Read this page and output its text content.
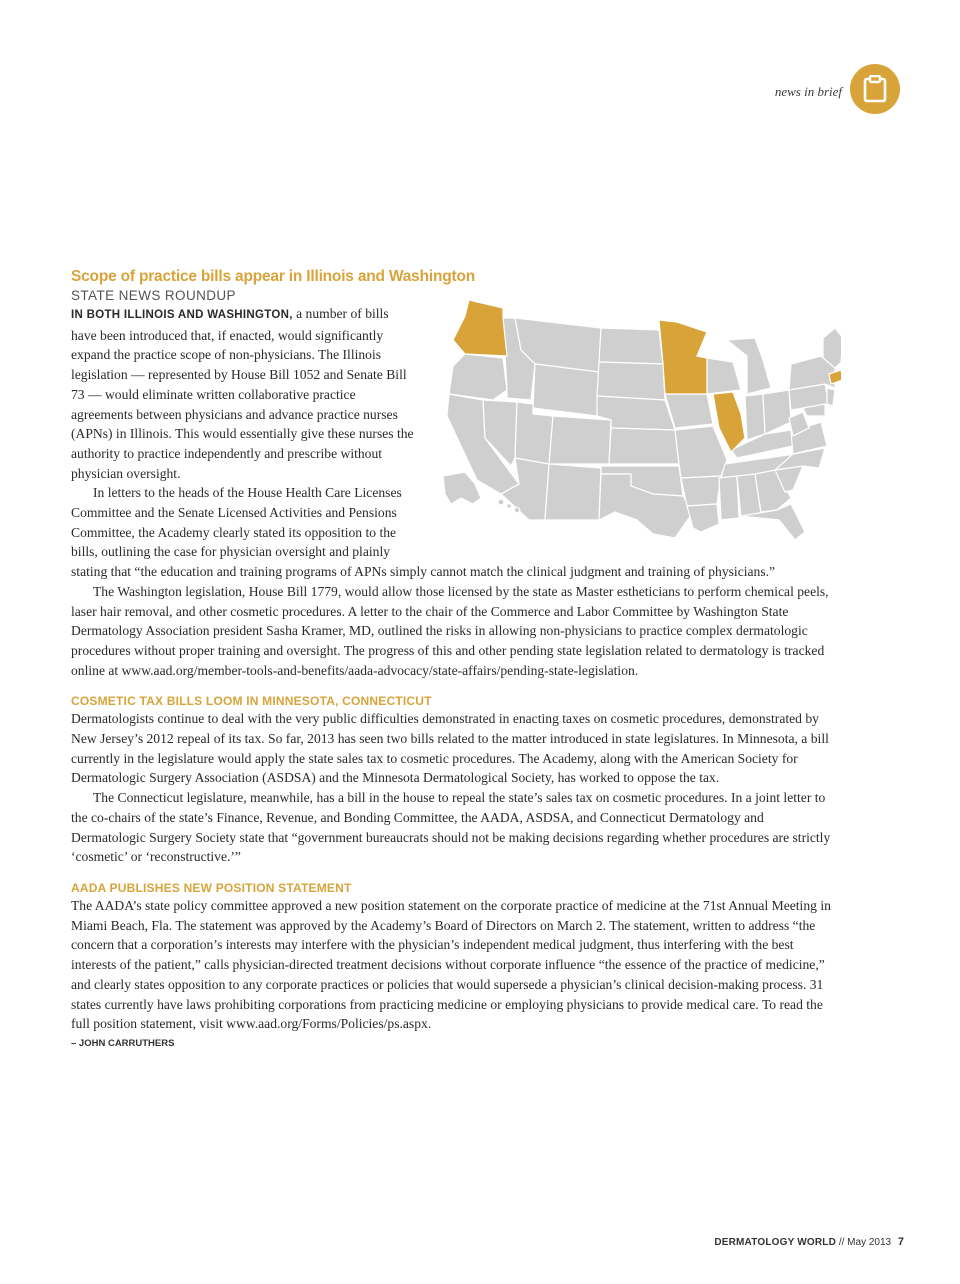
news in brief
Scope of practice bills appear in Illinois and Washington
STATE NEWS ROUNDUP

IN BOTH ILLINOIS AND WASHINGTON, a number of bills have been introduced that, if enacted, would significantly expand the practice scope of non-physicians. The Illinois legislation — represented by House Bill 1052 and Senate Bill 73 — would eliminate written collaborative practice agreements between physicians and advance practice nurses (APNs) in Illinois. This would essentially give these nurses the authority to practice independently and prescribe without physician oversight.

In letters to the heads of the House Health Care Licenses Committee and the Senate Licensed Activities and Pensions Committee, the Academy clearly stated its opposition to the bills, outlining the case for physician oversight and plainly stating that “the education and training programs of APNs simply cannot match the clinical judgment and training of physicians.”

The Washington legislation, House Bill 1779, would allow those licensed by the state as Master estheticians to perform chemical peels, laser hair removal, and other cosmetic procedures. A letter to the chair of the Commerce and Labor Committee by Washington State Dermatology Association president Sasha Kramer, MD, outlined the risks in allowing non-physicians to practice complex dermatologic procedures without proper training and oversight. The progress of this and other pending state legislation related to dermatology is tracked online at www.aad.org/member-tools-and-benefits/aada-advocacy/state-affairs/pending-state-legislation.

COSMETIC TAX BILLS LOOM IN MINNESOTA, CONNECTICUT

Dermatologists continue to deal with the very public difficulties demonstrated in enacting taxes on cosmetic procedures, demonstrated by New Jersey’s 2012 repeal of its tax. So far, 2013 has seen two bills related to the matter introduced in state legislatures. In Minnesota, a bill currently in the legislature would apply the state sales tax to cosmetic procedures. The Academy, along with the American Society for Dermatologic Surgery Association (ASDSA) and the Minnesota Dermatological Society, has worked to oppose the tax.

The Connecticut legislature, meanwhile, has a bill in the house to repeal the state’s sales tax on cosmetic procedures. In a joint letter to the co-chairs of the state’s Finance, Revenue, and Bonding Committee, the AADA, ASDSA, and Connecticut Dermatology and Dermatologic Surgery Society state that “government bureaucrats should not be making decisions regarding whether procedures are strictly ‘cosmetic’ or ‘reconstructive.’”

AADA PUBLISHES NEW POSITION STATEMENT

The AADA’s state policy committee approved a new position statement on the corporate practice of medicine at the 71st Annual Meeting in Miami Beach, Fla. The statement was approved by the Academy’s Board of Directors on March 2. The statement, written to address “the concern that a corporation’s interests may interfere with the physician’s independent medical judgment, thus interfering with the best interests of the patient,” calls physician-directed treatment decisions without corporate influence “the essence of the practice of medicine,” and clearly states opposition to any corporate practices or policies that would supersede a physician’s clinical decision-making process. 31 states currently have laws prohibiting corporations from practicing medicine or employing physicians to provide medical care. To read the full position statement, visit www.aad.org/Forms/Policies/ps.aspx.

– JOHN CARRUTHERS
DERMATOLOGY WORLD // May 2013 7
